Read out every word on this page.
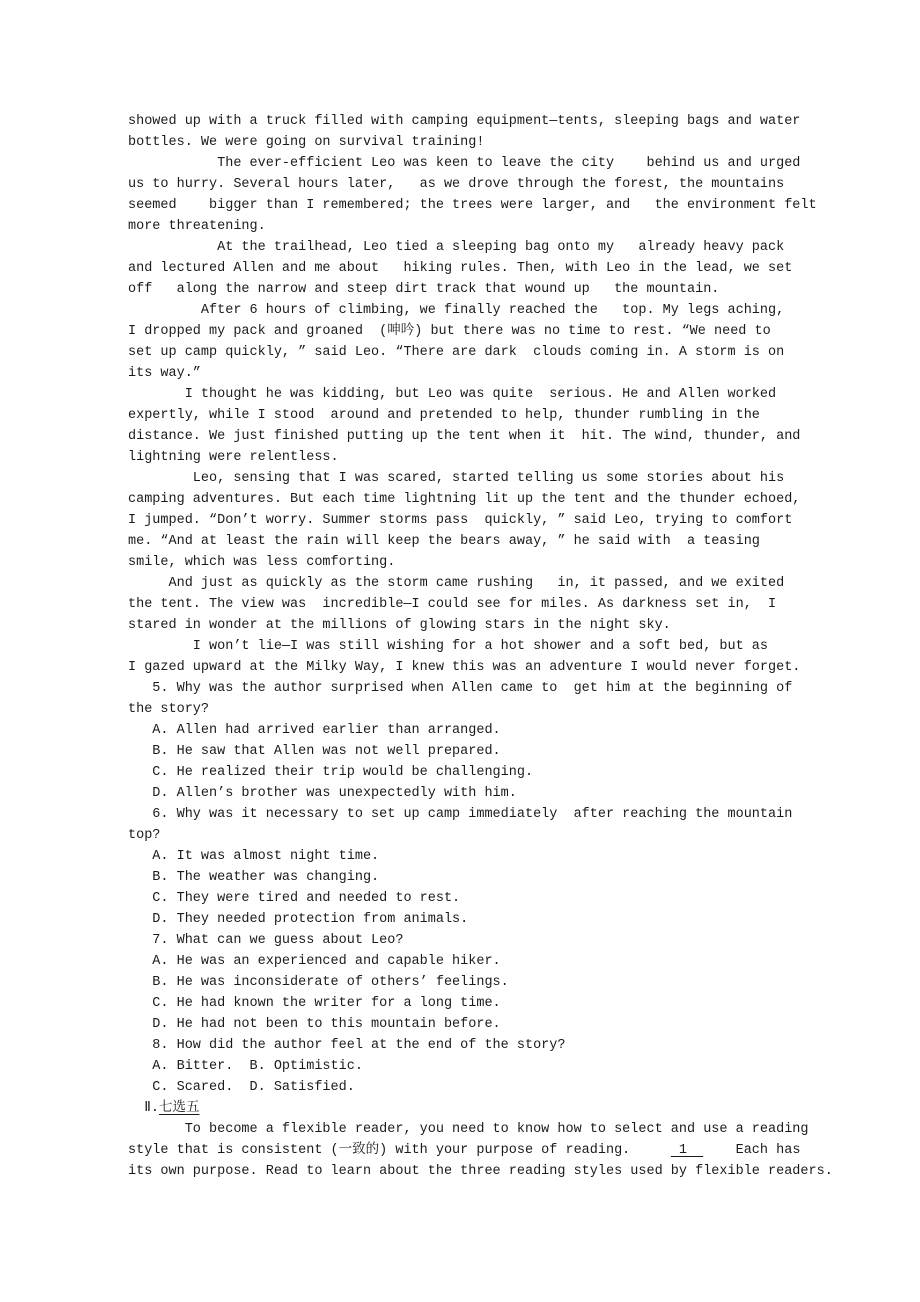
showed up with a truck filled with camping equipment—tents, sleeping bags and water
bottles. We were going on survival training!
The ever-efficient Leo was keen to leave the city    behind us and urged
us to hurry. Several hours later,   as we drove through the forest, the mountains
seemed    bigger than I remembered; the trees were larger, and   the environment felt
more threatening.
At the trailhead, Leo tied a sleeping bag onto my   already heavy pack
and lectured Allen and me about   hiking rules. Then, with Leo in the lead, we set
off   along the narrow and steep dirt track that wound up   the mountain.
After 6 hours of climbing, we finally reached the   top. My legs aching,
I dropped my pack and groaned  (呻吟) but there was no time to rest. “We need to
set up camp quickly, ” said Leo. “There are dark  clouds coming in. A storm is on
its way.”
I thought he was kidding, but Leo was quite  serious. He and Allen worked
expertly, while I stood  around and pretended to help, thunder rumbling in the
distance. We just finished putting up the tent when it  hit. The wind, thunder, and
lightning were relentless.
Leo, sensing that I was scared, started telling us some stories about his
camping adventures. But each time lightning lit up the tent and the thunder echoed,
I jumped. “Don’t worry. Summer storms pass  quickly, ” said Leo, trying to comfort
me. “And at least the rain will keep the bears away, ” he said with  a teasing
smile, which was less comforting.
And just as quickly as the storm came rushing   in, it passed, and we exited
the tent. The view was  incredible—I could see for miles. As darkness set in,  I
stared in wonder at the millions of glowing stars in the night sky.
I won’t lie—I was still wishing for a hot shower and a soft bed, but as
I gazed upward at the Milky Way, I knew this was an adventure I would never forget.
5. Why was the author surprised when Allen came to  get him at the beginning of
the story?
A. Allen had arrived earlier than arranged.
B. He saw that Allen was not well prepared.
C. He realized their trip would be challenging.
D. Allen’s brother was unexpectedly with him.
6. Why was it necessary to set up camp immediately  after reaching the mountain
top?
A. It was almost night time.
B. The weather was changing.
C. They were tired and needed to rest.
D. They needed protection from animals.
7. What can we guess about Leo?
A. He was an experienced and capable hiker.
B. He was inconsiderate of others’ feelings.
C. He had known the writer for a long time.
D. He had not been to this mountain before.
8. How did the author feel at the end of the story?
A. Bitter.  B. Optimistic.
C. Scared.  D. Satisfied.
Ⅱ.七选五
To become a flexible reader, you need to know how to select and use a reading
style that is consistent (一致的) with your purpose of reading.      1      Each has
its own purpose. Read to learn about the three reading styles used by flexible readers.
